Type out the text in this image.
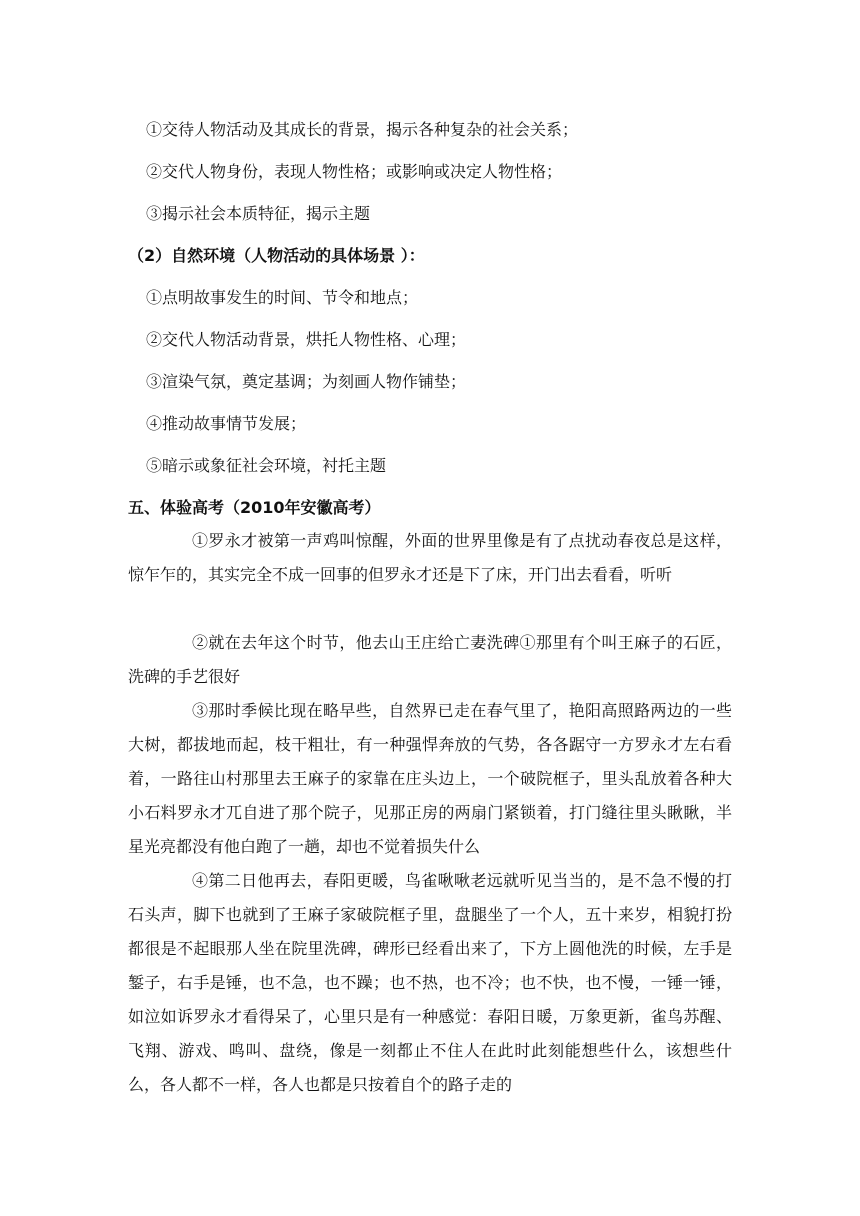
①交待人物活动及其成长的背景，揭示各种复杂的社会关系；
②交代人物身份，表现人物性格；或影响或决定人物性格；
③揭示社会本质特征，揭示主题
（2）自然环境（人物活动的具体场景 ）：
①点明故事发生的时间、节令和地点；
②交代人物活动背景，烘托人物性格、心理；
③渲染气氛，奠定基调；为刻画人物作铺垫；
④推动故事情节发展；
⑤暗示或象征社会环境，衬托主题
五、体验高考（2010年安徽高考）
①罗永才被第一声鸡叫惊醒，外面的世界里像是有了点扰动春夜总是这样，惊乍乍的，其实完全不成一回事的但罗永才还是下了床，开门出去看看，听听
②就在去年这个时节，他去山王庄给亡妻洗碑①那里有个叫王麻子的石匠，洗碑的手艺很好
③那时季候比现在略早些，自然界已走在春气里了，艳阳高照路两边的一些大树，都拔地而起，枝干粗壮，有一种强悍奔放的气势，各各踞守一方罗永才左右看着，一路往山村那里去王麻子的家靠在庄头边上，一个破院框子，里头乱放着各种大小石料罗永才兀自进了那个院子，见那正房的两扇门紧锁着，打门缝往里头瞅瞅，半星光亮都没有他白跑了一趟，却也不觉着损失什么
④第二日他再去，春阳更暖，鸟雀啾啾老远就听见当当的，是不急不慢的打石头声，脚下也就到了王麻子家破院框子里，盘腿坐了一个人，五十来岁，相貌打扮都很是不起眼那人坐在院里洗碑，碑形已经看出来了，下方上圆他洗的时候，左手是錾子，右手是锤，也不急，也不躁；也不热，也不冷；也不快，也不慢，一锤一锤，如泣如诉罗永才看得呆了，心里只是有一种感觉：春阳日暖，万象更新，雀鸟苏醒、飞翔、游戏、鸣叫、盘绕，像是一刻都止不住人在此时此刻能想些什么，该想些什么，各人都不一样，各人也都是只按着自个的路子走的
